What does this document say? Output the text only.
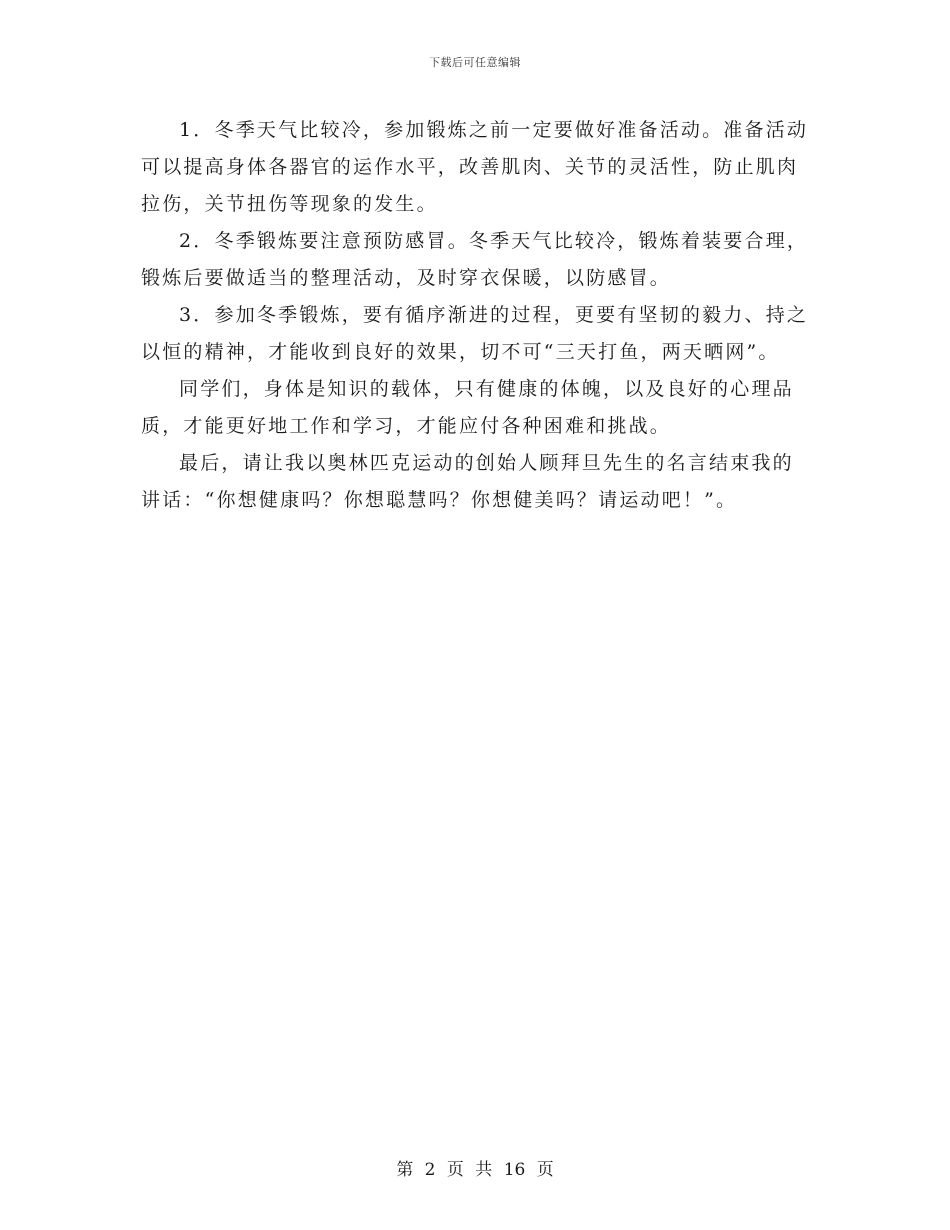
下载后可任意编辑

1．冬季天气比较冷，参加锻炼之前一定要做好准备活动。准备活动可以提高身体各器官的运作水平，改善肌肉、关节的灵活性，防止肌肉拉伤，关节扭伤等现象的发生。

2．冬季锻炼要注意预防感冒。冬季天气比较冷，锻炼着装要合理，锻炼后要做适当的整理活动，及时穿衣保暖，以防感冒。

3．参加冬季锻炼，要有循序渐进的过程，更要有坚韧的毅力、持之以恒的精神，才能收到良好的效果，切不可“三天打鱼，两天晒网”。

同学们，身体是知识的载体，只有健康的体魄，以及良好的心理品质，才能更好地工作和学习，才能应付各种困难和挑战。

最后，请让我以奥林匹克运动的创始人顾拜旦先生的名言结束我的讲话：“你想健康吗？你想聪慧吗？你想健美吗？请运动吧！”。

第 2 页 共 16 页
